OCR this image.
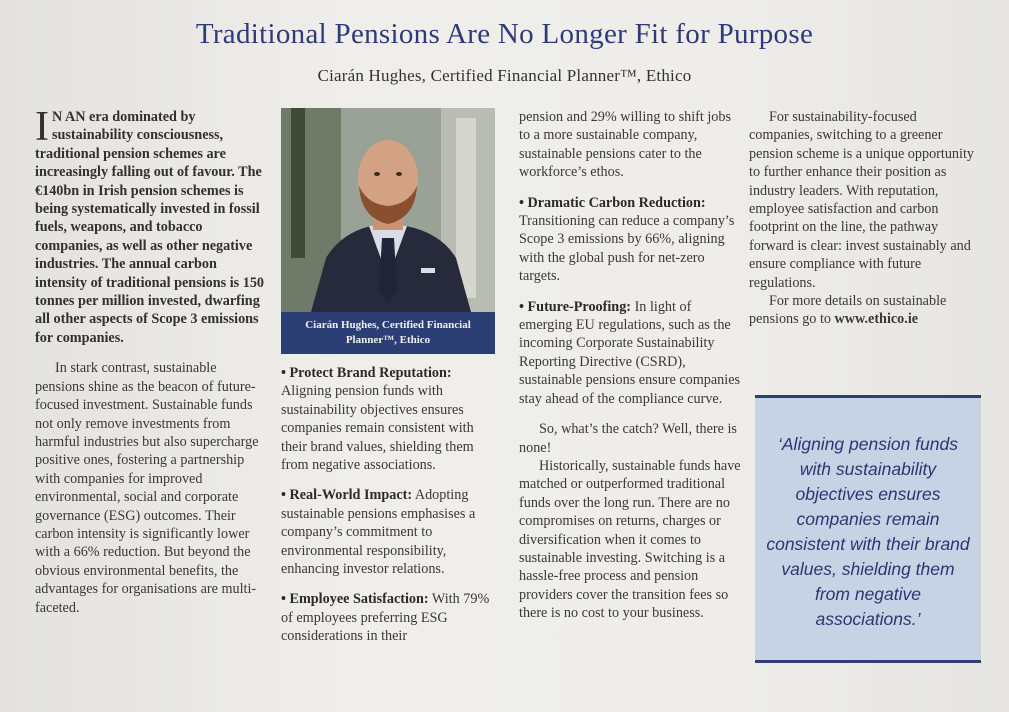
Traditional Pensions Are No Longer Fit for Purpose
Ciarán Hughes, Certified Financial Planner™, Ethico

I N AN era dominated by sustainability consciousness, traditional pension schemes are increasingly falling out of favour. The €140bn in Irish pension schemes is being systematically invested in fossil fuels, weapons, and tobacco companies, as well as other negative industries. The annual carbon intensity of traditional pensions is 150 tonnes per million invested, dwarfing all other aspects of Scope 3 emissions for companies.

In stark contrast, sustainable pensions shine as the beacon of future-focused investment. Sustainable funds not only remove investments from harmful industries but also supercharge positive ones, fostering a partnership with companies for improved environmental, social and corporate governance (ESG) outcomes. Their carbon intensity is significantly lower with a 66% reduction. But beyond the obvious environmental benefits, the advantages for organisations are multi-faceted.

Ciarán Hughes, Certified Financial Planner™, Ethico

• Protect Brand Reputation: Aligning pension funds with sustainability objectives ensures companies remain consistent with their brand values, shielding them from negative associations.

• Real-World Impact: Adopting sustainable pensions emphasises a company’s commitment to environmental responsibility, enhancing investor relations.

• Employee Satisfaction: With 79% of employees preferring ESG considerations in their

pension and 29% willing to shift jobs to a more sustainable company, sustainable pensions cater to the workforce’s ethos.

• Dramatic Carbon Reduction: Transitioning can reduce a company’s Scope 3 emissions by 66%, aligning with the global push for net-zero targets.

• Future-Proofing: In light of emerging EU regulations, such as the incoming Corporate Sustainability Reporting Directive (CSRD), sustainable pensions ensure companies stay ahead of the compliance curve.

So, what’s the catch? Well, there is none!

Historically, sustainable funds have matched or outperformed traditional funds over the long run. There are no compromises on returns, charges or diversification when it comes to sustainable investing. Switching is a hassle-free process and pension providers cover the transition fees so there is no cost to your business.

For sustainability-focused companies, switching to a greener pension scheme is a unique opportunity to further enhance their position as industry leaders. With reputation, employee satisfaction and carbon footprint on the line, the pathway forward is clear: invest sustainably and ensure compliance with future regulations.

For more details on sustainable pensions go to www.ethico.ie

‘Aligning pension funds with sustainability objectives ensures companies remain consistent with their brand values, shielding them from negative associations.’
